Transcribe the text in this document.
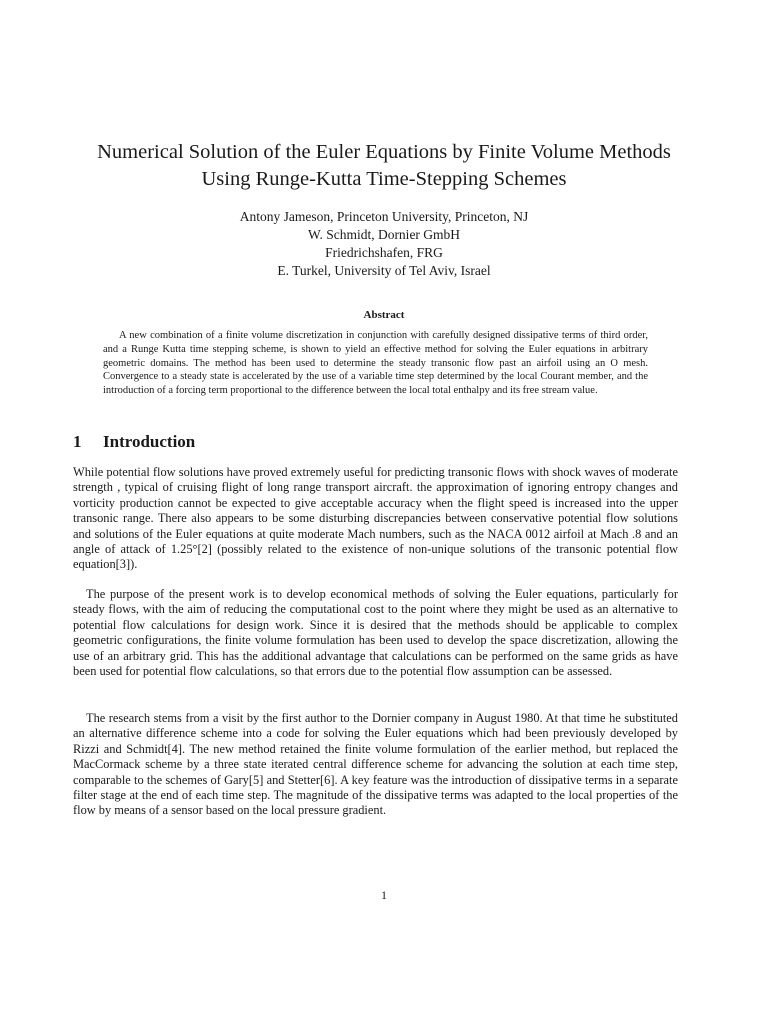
Numerical Solution of the Euler Equations by Finite Volume Methods
Using Runge-Kutta Time-Stepping Schemes
Antony Jameson, Princeton University, Princeton, NJ
W. Schmidt, Dornier GmbH
Friedrichshafen, FRG
E. Turkel, University of Tel Aviv, Israel
Abstract

A new combination of a finite volume discretization in conjunction with carefully designed dissipative terms of third order, and a Runge Kutta time stepping scheme, is shown to yield an effective method for solving the Euler equations in arbitrary geometric domains. The method has been used to determine the steady transonic flow past an airfoil using an O mesh. Convergence to a steady state is accelerated by the use of a variable time step determined by the local Courant member, and the introduction of a forcing term proportional to the difference between the local total enthalpy and its free stream value.

1 Introduction

While potential flow solutions have proved extremely useful for predicting transonic flows with shock waves of moderate strength , typical of cruising flight of long range transport aircraft. the approximation of ignoring entropy changes and vorticity production cannot be expected to give acceptable accuracy when the flight speed is increased into the upper transonic range. There also appears to be some disturbing discrepancies between conservative potential flow solutions and solutions of the Euler equations at quite moderate Mach numbers, such as the NACA 0012 airfoil at Mach .8 and an angle of attack of 1.25°[2] (possibly related to the existence of non-unique solutions of the transonic potential flow equation[3]).

The purpose of the present work is to develop economical methods of solving the Euler equations, particularly for steady flows, with the aim of reducing the computational cost to the point where they might be used as an alternative to potential flow calculations for design work. Since it is desired that the methods should be applicable to complex geometric configurations, the finite volume formulation has been used to develop the space discretization, allowing the use of an arbitrary grid. This has the additional advantage that calculations can be performed on the same grids as have been used for potential flow calculations, so that errors due to the potential flow assumption can be assessed.

The research stems from a visit by the first author to the Dornier company in August 1980. At that time he substituted an alternative difference scheme into a code for solving the Euler equations which had been previously developed by Rizzi and Schmidt[4]. The new method retained the finite volume formulation of the earlier method, but replaced the MacCormack scheme by a three state iterated central difference scheme for advancing the solution at each time step, comparable to the schemes of Gary[5] and Stetter[6]. A key feature was the introduction of dissipative terms in a separate filter stage at the end of each time step. The magnitude of the dissipative terms was adapted to the local properties of the flow by means of a sensor based on the local pressure gradient.

1
